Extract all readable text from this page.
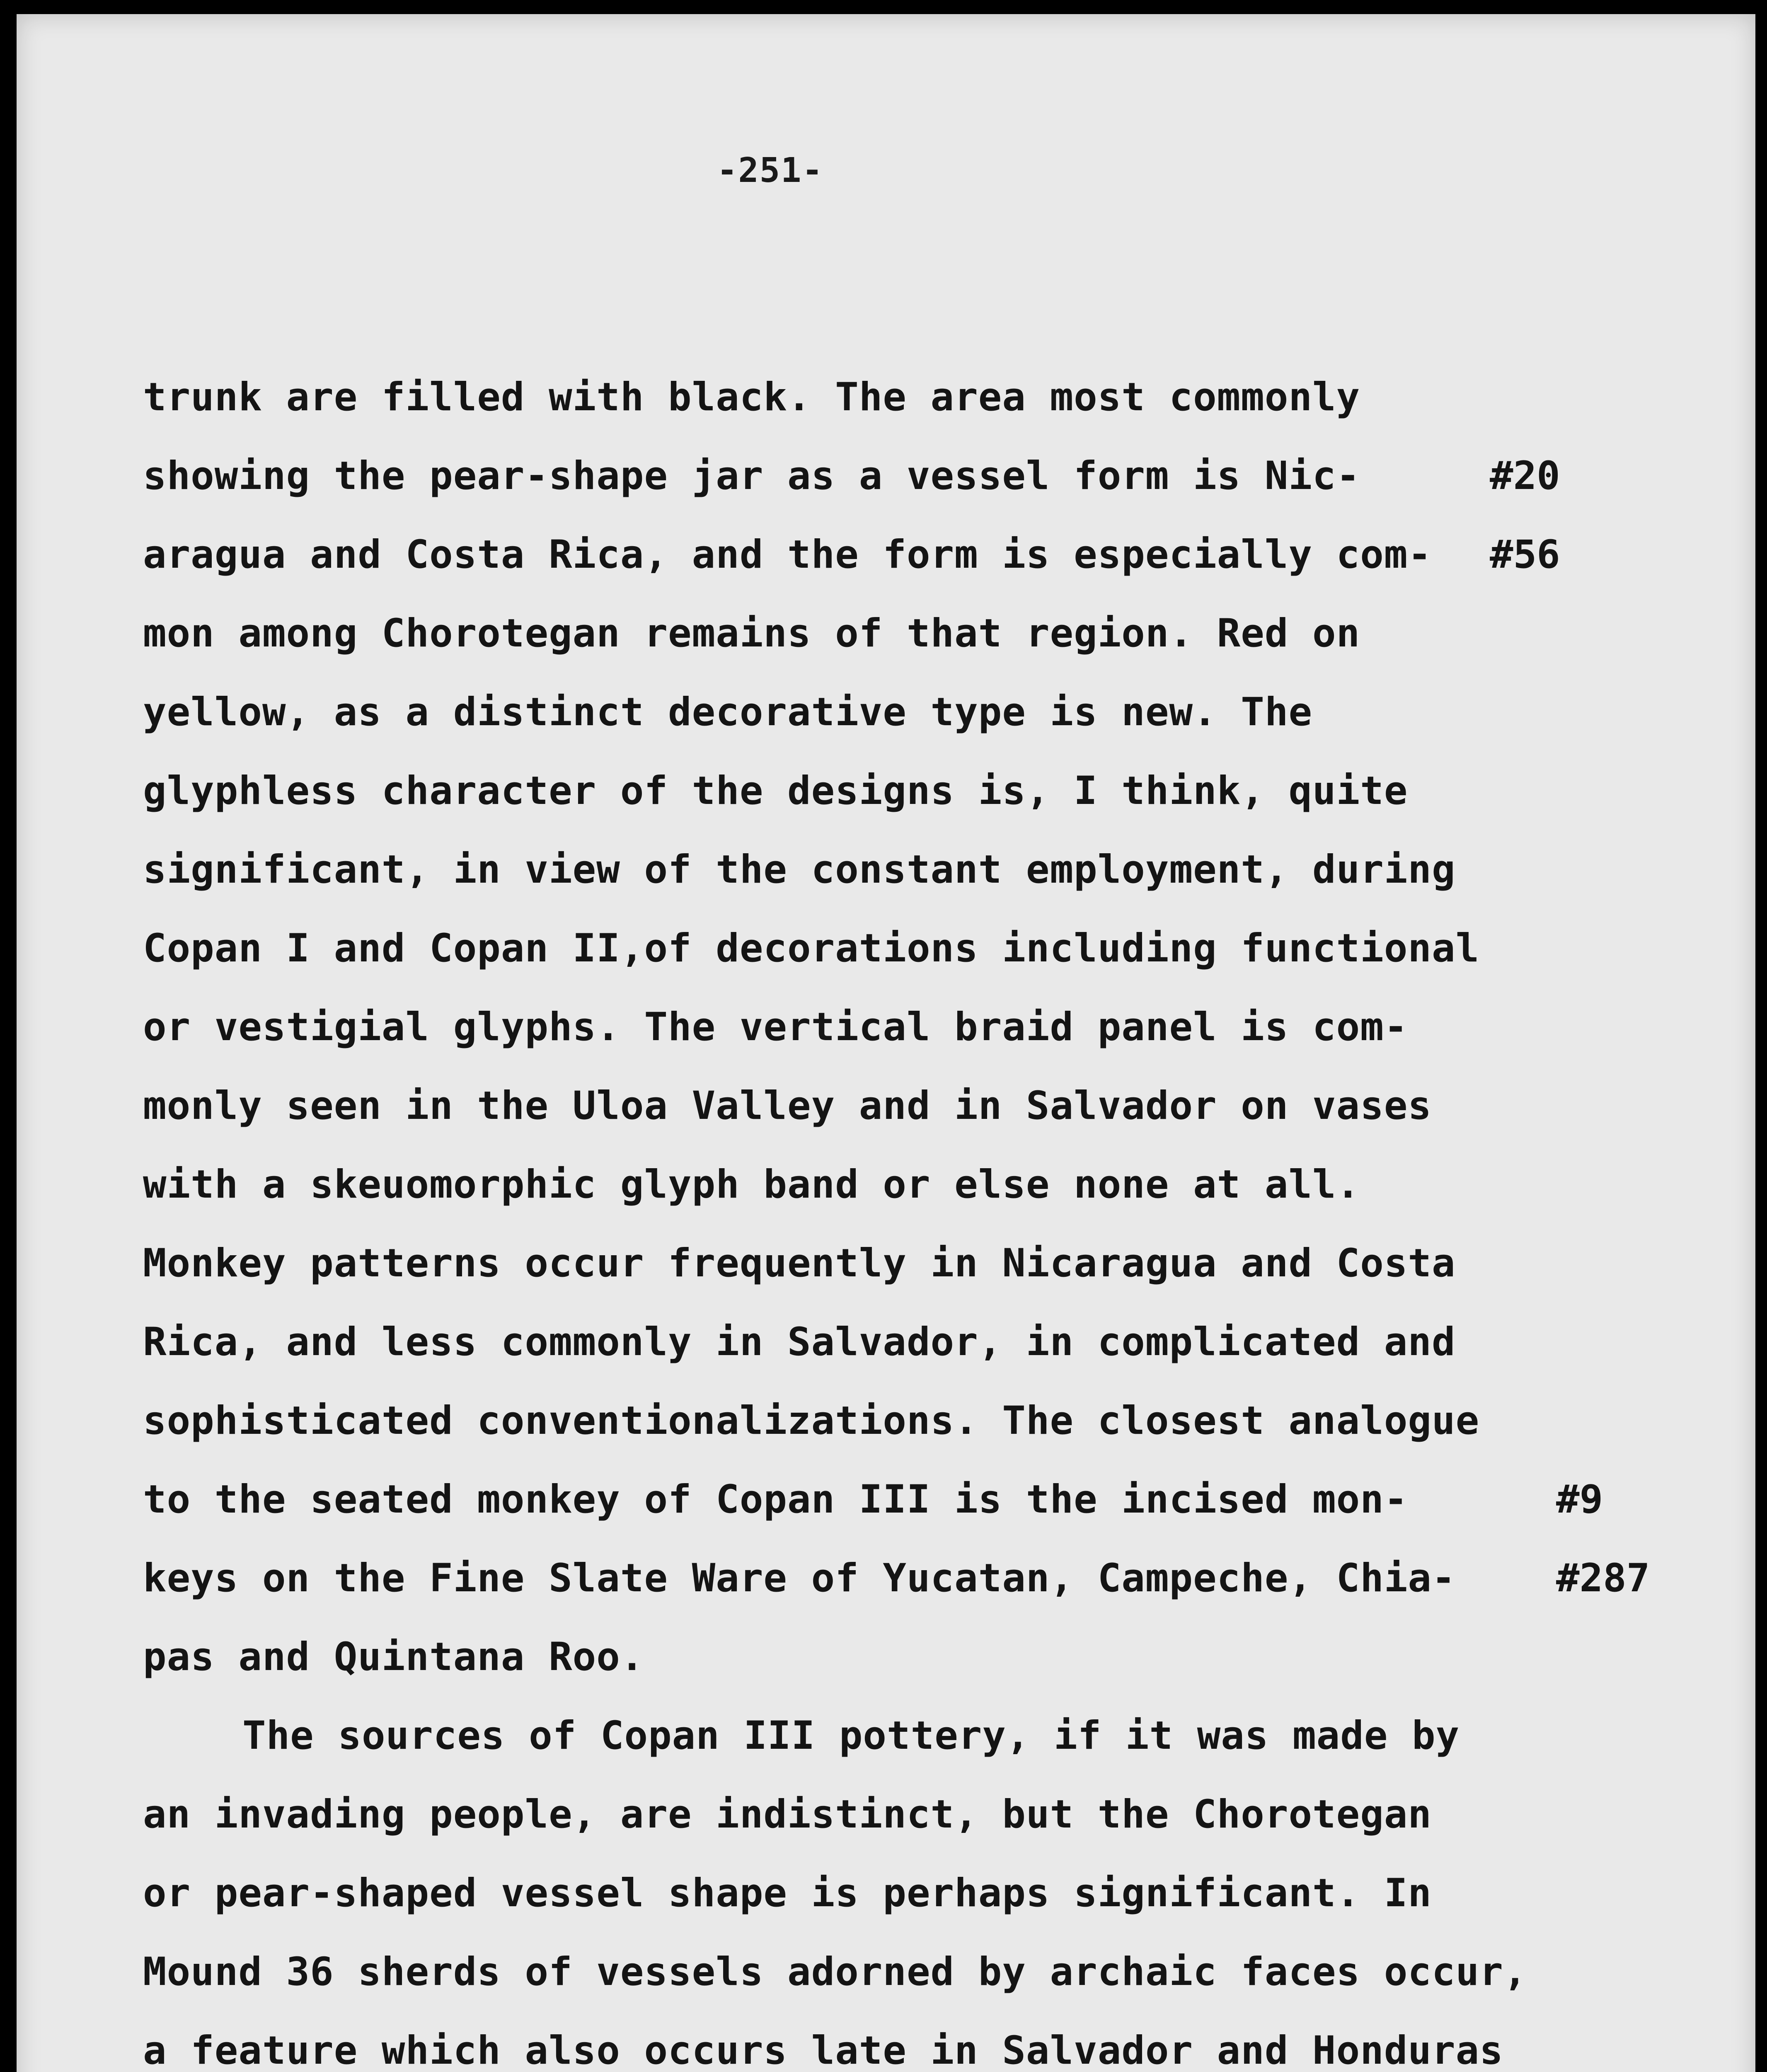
-251-
trunk are filled with black. The area most commonly
showing the pear-shape jar as a vessel form is Nic-
aragua and Costa Rica, and the form is especially com-
mon among Chorotegan remains of that region. Red on
yellow, as a distinct decorative type is new. The
glyphless character of the designs is, I think, quite
significant, in view of the constant employment, during
Copan I and Copan II,of decorations including functional
or vestigial glyphs. The vertical braid panel is com-
monly seen in the Uloa Valley and in Salvador on vases
with a skeuomorphic glyph band or else none at all.
Monkey patterns occur frequently in Nicaragua and Costa
Rica, and less commonly in Salvador, in complicated and
sophisticated conventionalizations. The closest analogue
to the seated monkey of Copan III is the incised mon-
keys on the Fine Slate Ware of Yucatan, Campeche, Chia-
pas and Quintana Roo.
The sources of Copan III pottery, if it was made by
an invading people, are indistinct, but the Chorotegan
or pear-shaped vessel shape is perhaps significant. In
Mound 36 sherds of vessels adorned by archaic faces occur,
a feature which also occurs late in Salvador and Honduras
#20
#56
#9
#287
